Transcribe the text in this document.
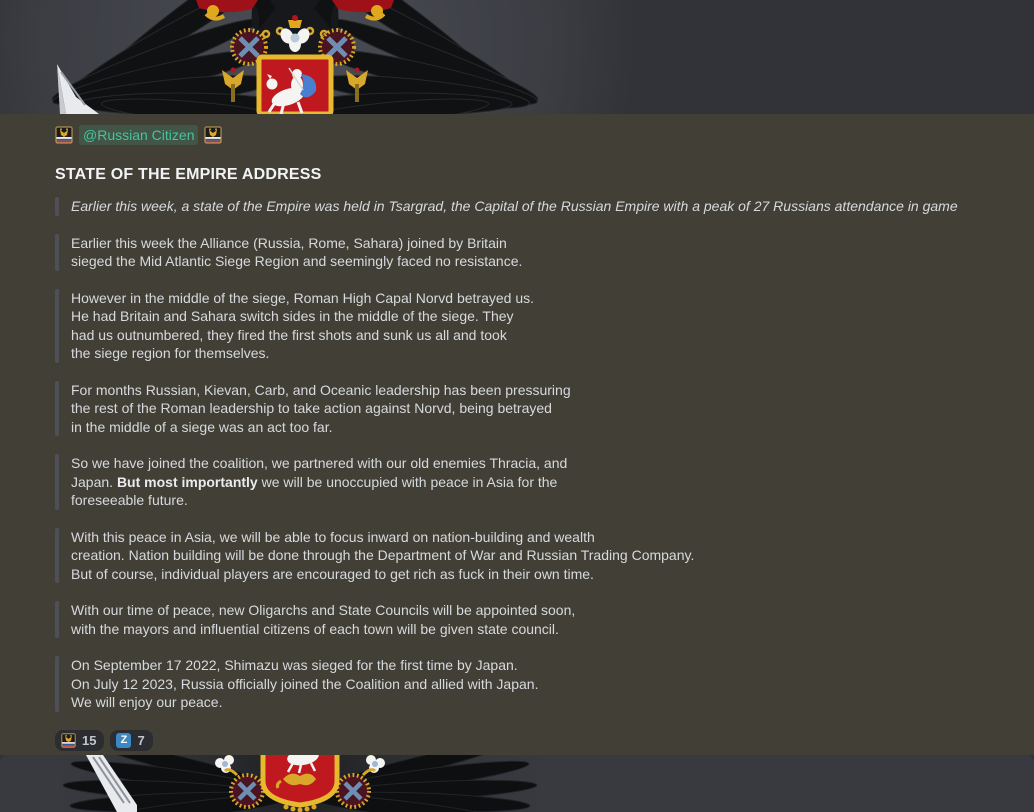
@Russian Citizen
STATE OF THE EMPIRE ADDRESS
Earlier this week, a state of the Empire was held in Tsargrad, the Capital of the Russian Empire with a peak of 27 Russians attendance in game
Earlier this week the Alliance (Russia, Rome, Sahara) joined by Britain
sieged the Mid Atlantic Siege Region and seemingly faced no resistance.
However in the middle of the siege, Roman High Capal Norvd betrayed us.
He had Britain and Sahara switch sides in the middle of the siege. They
had us outnumbered, they fired the first shots and sunk us all and took
the siege region for themselves.
For months Russian, Kievan, Carb, and Oceanic leadership has been pressuring
the rest of the Roman leadership to take action against Norvd, being betrayed
in the middle of a siege was an act too far.
So we have joined the coalition, we partnered with our old enemies Thracia, and
Japan. But most importantly we will be unoccupied with peace in Asia for the
foreseeable future.
With this peace in Asia, we will be able to focus inward on nation-building and wealth
creation. Nation building will be done through the Department of War and Russian Trading Company.
But of course, individual players are encouraged to get rich as fuck in their own time.
With our time of peace, new Oligarchs and State Councils will be appointed soon,
with the mayors and influential citizens of each town will be given state council.
On September 17 2022, Shimazu was sieged for the first time by Japan.
On July 12 2023, Russia officially joined the Coalition and allied with Japan.
We will enjoy our peace.
15	Z 7
